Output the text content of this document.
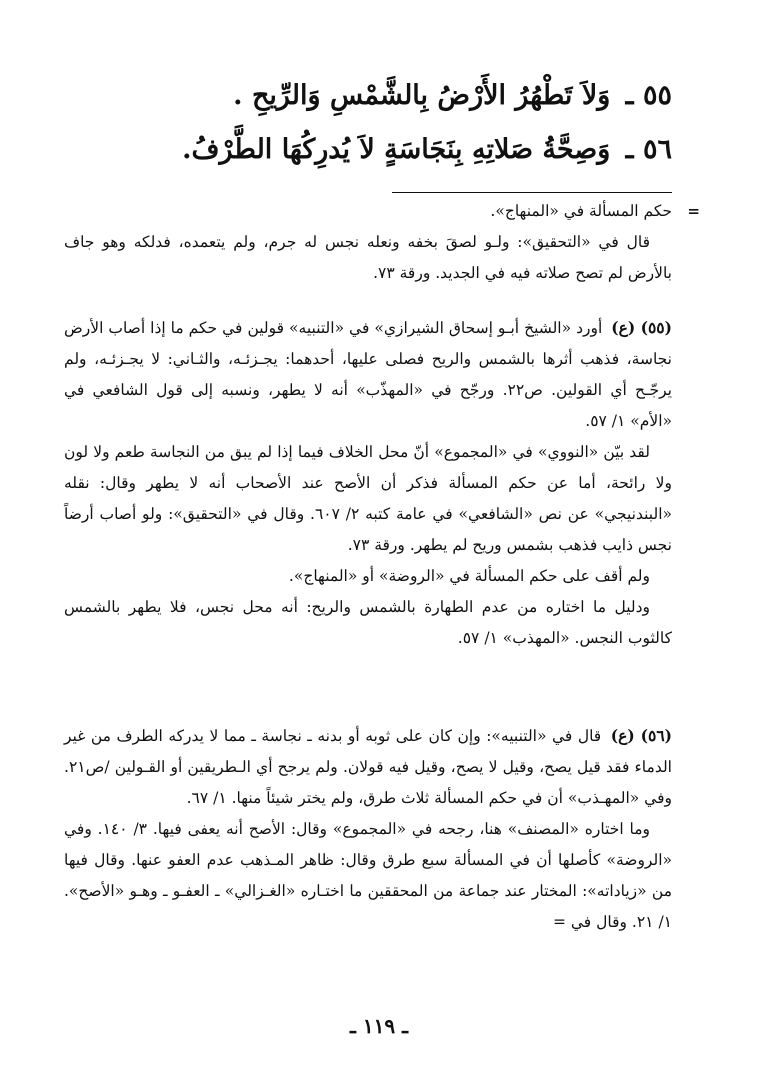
٥٥ ـ وَلاَ تَطْهُرُ الأَرْضُ بِالشَّمْسِ وَالرِّيحِ .
٥٦ ـ وَصِحَّةُ صَلاتِهِ بِنَجَاسَةٍ لاَ يُدرِكُهَا الطَّرْفُ.

=
حكم المسألة في «المنهاج».

قال في «التحقيق»: ولـو لصقَ بخفه ونعله نجس له جرم، ولم يتعمده، فدلكه وهو جاف بالأرض لم تصح صلاته فيه في الجديد. ورقة ٧٣.

(٥٥) (ع) أورد «الشيخ أبـو إسحاق الشيرازي» في «التنبيه» قولين في حكم ما إذا أصاب الأرض نجاسة، فذهب أثرها بالشمس والريح فصلى عليها، أحدهما: يجـزئـه، والثـاني: لا يجـزئـه، ولم يرجّـح أي القولين. ص٢٢. ورجّح في «المهذّب» أنه لا يطهر، ونسبه إلى قول الشافعي في «الأم» ١/ ٥٧.

لقد بيّن «النووي» في «المجموع» أنّ محل الخلاف فيما إذا لم يبق من النجاسة طعم ولا لون ولا رائحة، أما عن حكم المسألة فذكر أن الأصح عند الأصحاب أنه لا يطهر وقال: نقله «البندنيجي» عن نص «الشافعي» في عامة كتبه ٢/ ٦٠٧. وقال في «التحقيق»: ولو أصاب أرضاً نجس ذايب فذهب بشمس وريح لم يطهر. ورقة ٧٣.

ولم أقف على حكم المسألة في «الروضة» أو «المنهاج».

ودليل ما اختاره من عدم الطهارة بالشمس والريح: أنه محل نجس، فلا يطهر بالشمس كالثوب النجس. «المهذب» ١/ ٥٧.

(٥٦) (ع) قال في «التنبيه»: وإن كان على ثوبه أو بدنه ـ نجاسة ـ مما لا يدركه الطرف من غير الدماء فقد قيل يصح، وقيل لا يصح، وقيل فيه قولان. ولم يرجح أي الـطريقين أو القـولين /ص٢١. وفي «المهـذب» أن في حكم المسألة ثلاث طرق، ولم يختر شيئاً منها. ١/ ٦٧.

وما اختاره «المصنف» هنا، رجحه في «المجموع» وقال: الأصح أنه يعفى فيها. ٣/ ١٤٠. وفي «الروضة» كأصلها أن في المسألة سبع طرق وقال: ظاهر المـذهب عدم العفو عنها. وقال فيها من «زياداته»: المختار عند جماعة من المحققين ما اختـاره «الغـزالي» ـ العفـو ـ وهـو «الأصح». ١/ ٢١. وقال في =

ـ ١١٩ ـ
